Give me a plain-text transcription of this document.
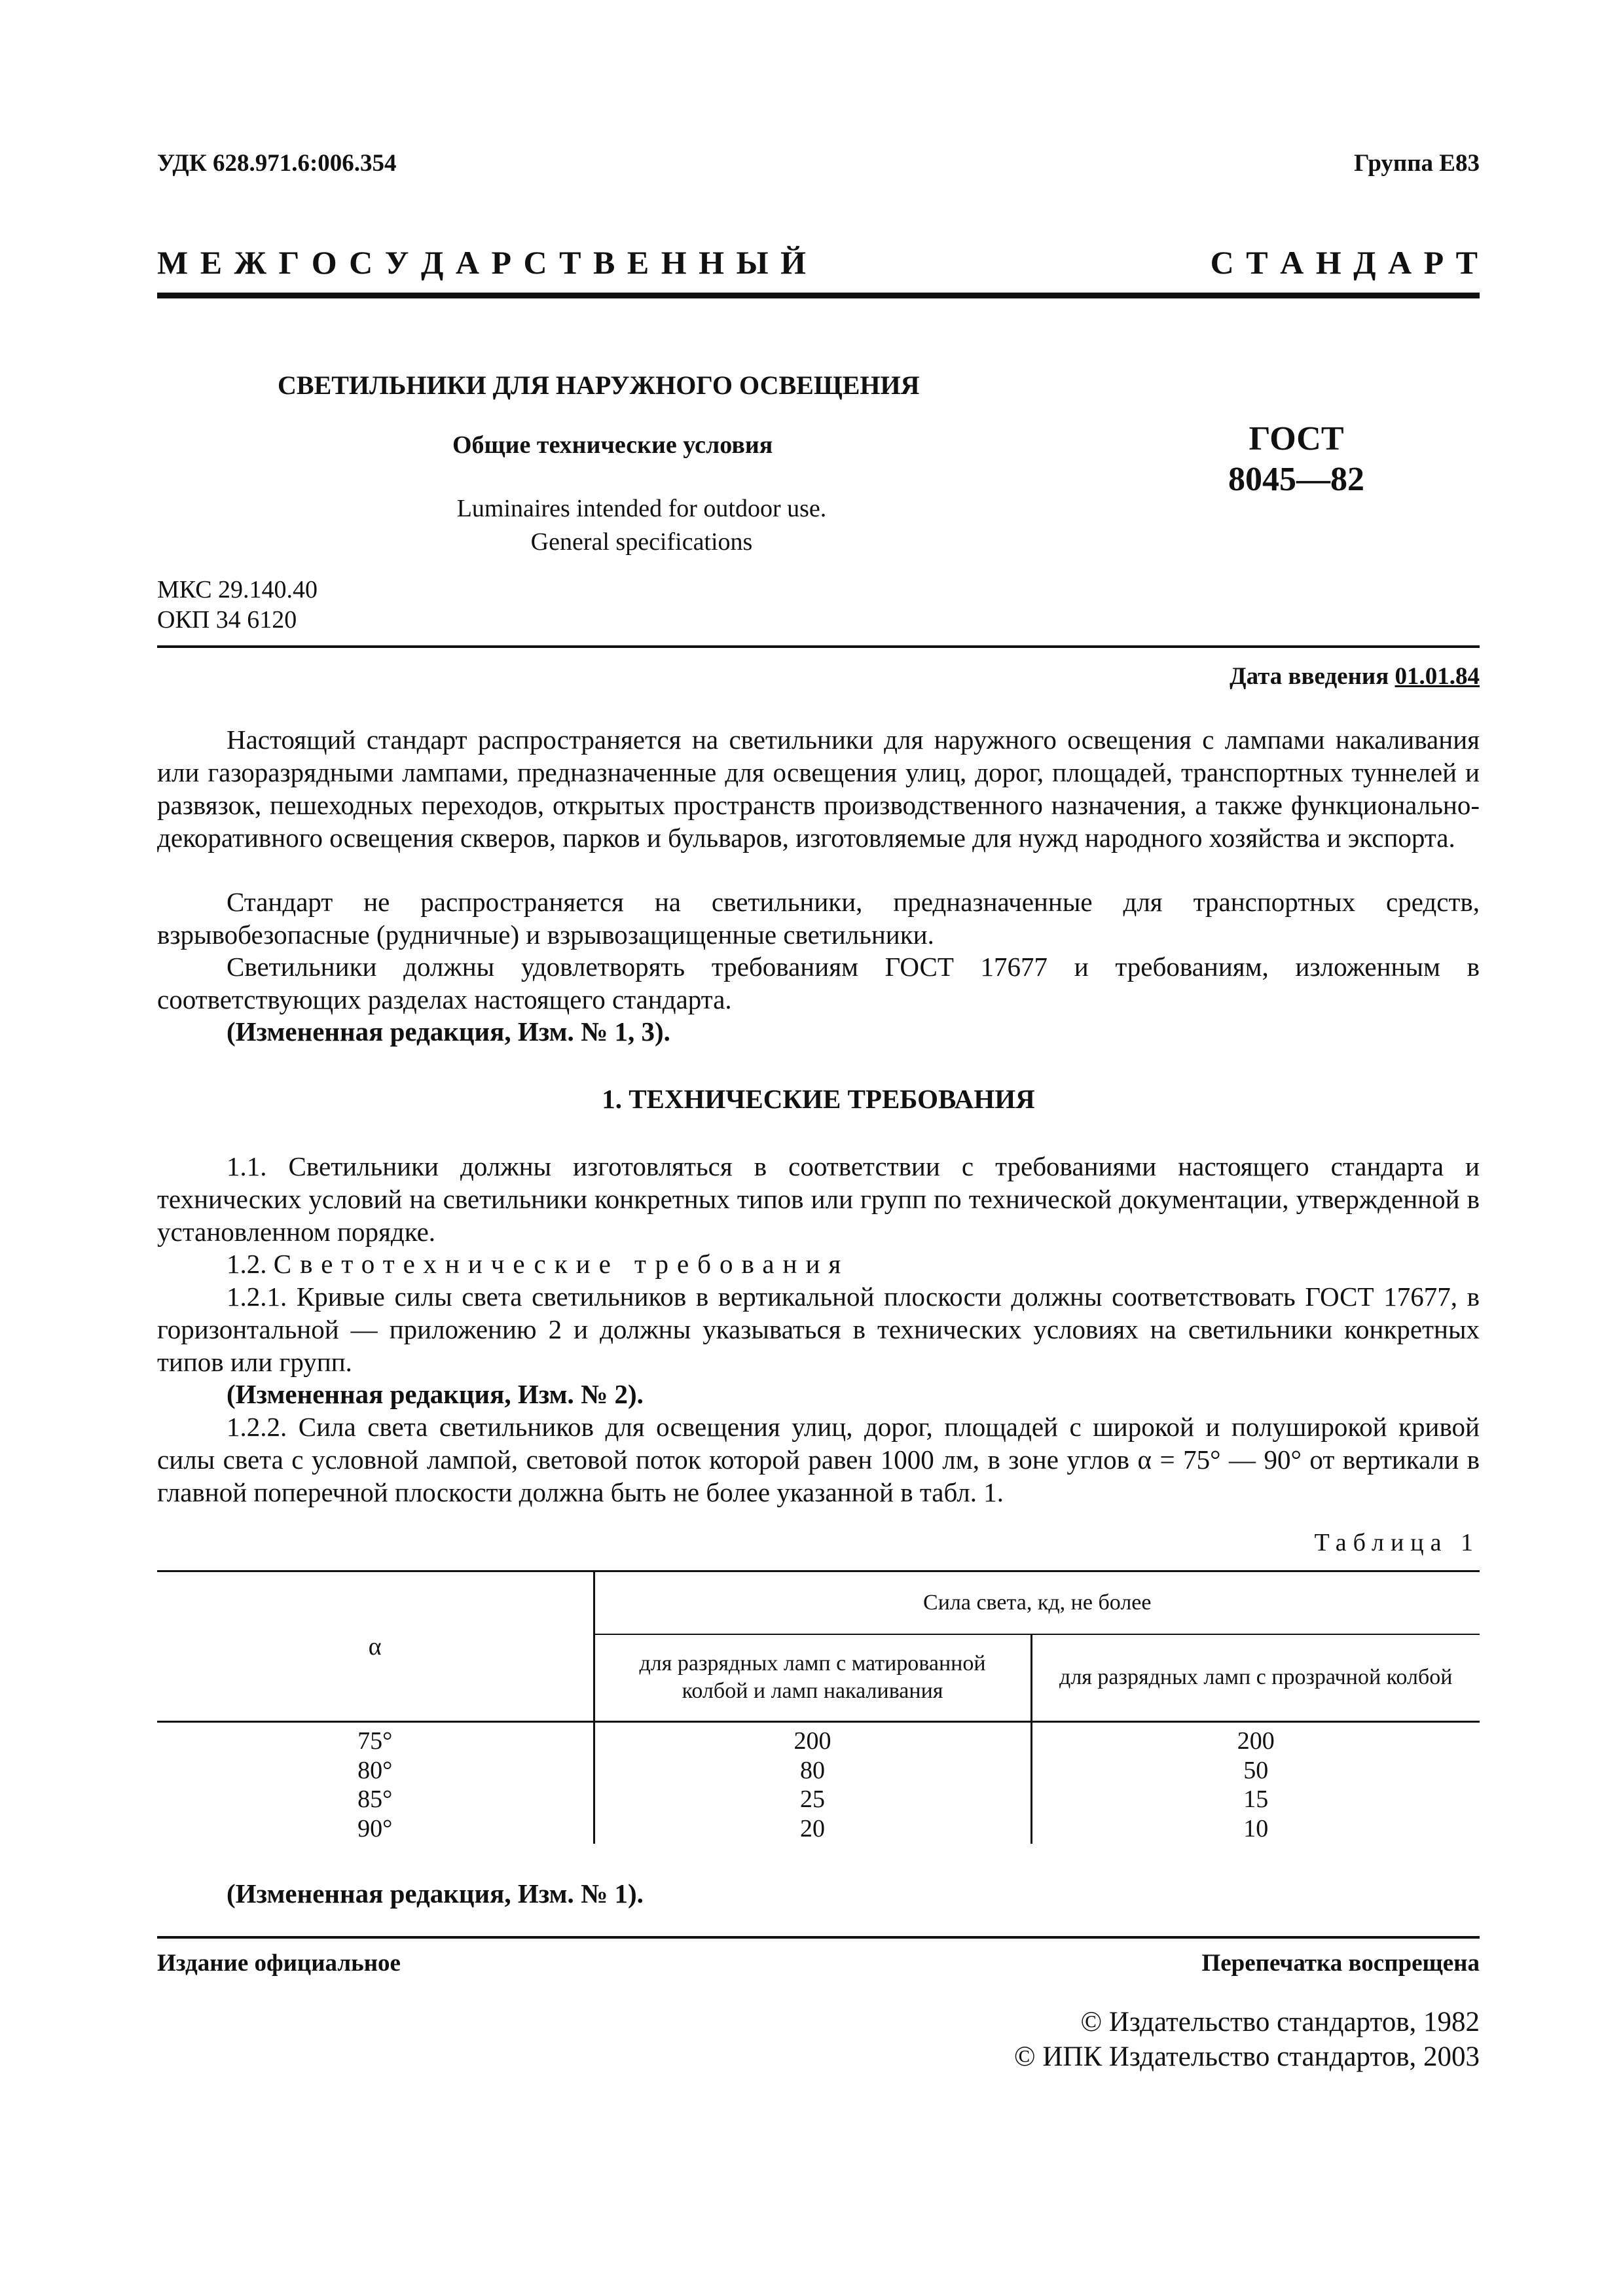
УДК 628.971.6:006.354	Группа Е83
М Е Ж Г О С У Д А Р С Т В Е Н Н Ы Й	С Т А Н Д А Р Т
СВЕТИЛЬНИКИ ДЛЯ НАРУЖНОГО ОСВЕЩЕНИЯ
Общие технические условия
Luminaires intended for outdoor use.
General specifications
ГОСТ
8045—82
МКС 29.140.40
ОКП 34 6120
Дата введения 01.01.84

Настоящий стандарт распространяется на светильники для наружного освещения с лампами накаливания или газоразрядными лампами, предназначенные для освещения улиц, дорог, площадей, транспортных туннелей и развязок, пешеходных переходов, открытых пространств производственного назначения, а также функционально-декоративного освещения скверов, парков и бульваров, изготовляемые для нужд народного хозяйства и экспорта.

Стандарт не распространяется на светильники, предназначенные для транспортных средств, взрывобезопасные (рудничные) и взрывозащищенные светильники.

Светильники должны удовлетворять требованиям ГОСТ 17677 и требованиям, изложенным в соответствующих разделах настоящего стандарта.

(Измененная редакция, Изм. № 1, 3).

1. ТЕХНИЧЕСКИЕ ТРЕБОВАНИЯ

1.1. Светильники должны изготовляться в соответствии с требованиями настоящего стандарта и технических условий на светильники конкретных типов или групп по технической документации, утвержденной в установленном порядке.

1.2. Светотехнические требования

1.2.1. Кривые силы света светильников в вертикальной плоскости должны соответствовать ГОСТ 17677, в горизонтальной — приложению 2 и должны указываться в технических условиях на светильники конкретных типов или групп.

(Измененная редакция, Изм. № 2).

1.2.2. Сила света светильников для освещения улиц, дорог, площадей с широкой и полуширокой кривой силы света с условной лампой, световой поток которой равен 1000 лм, в зоне углов α = 75° — 90° от вертикали в главной поперечной плоскости должна быть не более указанной в табл. 1.

Таблица 1
α	Сила света, кд, не более	
	для разрядных ламп с матированной колбой и ламп накаливания	для разрядных ламп с прозрачной колбой
75°	200	200
80°	80	50
85°	25	15
90°	20	10

(Измененная редакция, Изм. № 1).

Издание официальное	Перепечатка воспрещена
© Издательство стандартов, 1982
© ИПК Издательство стандартов, 2003
